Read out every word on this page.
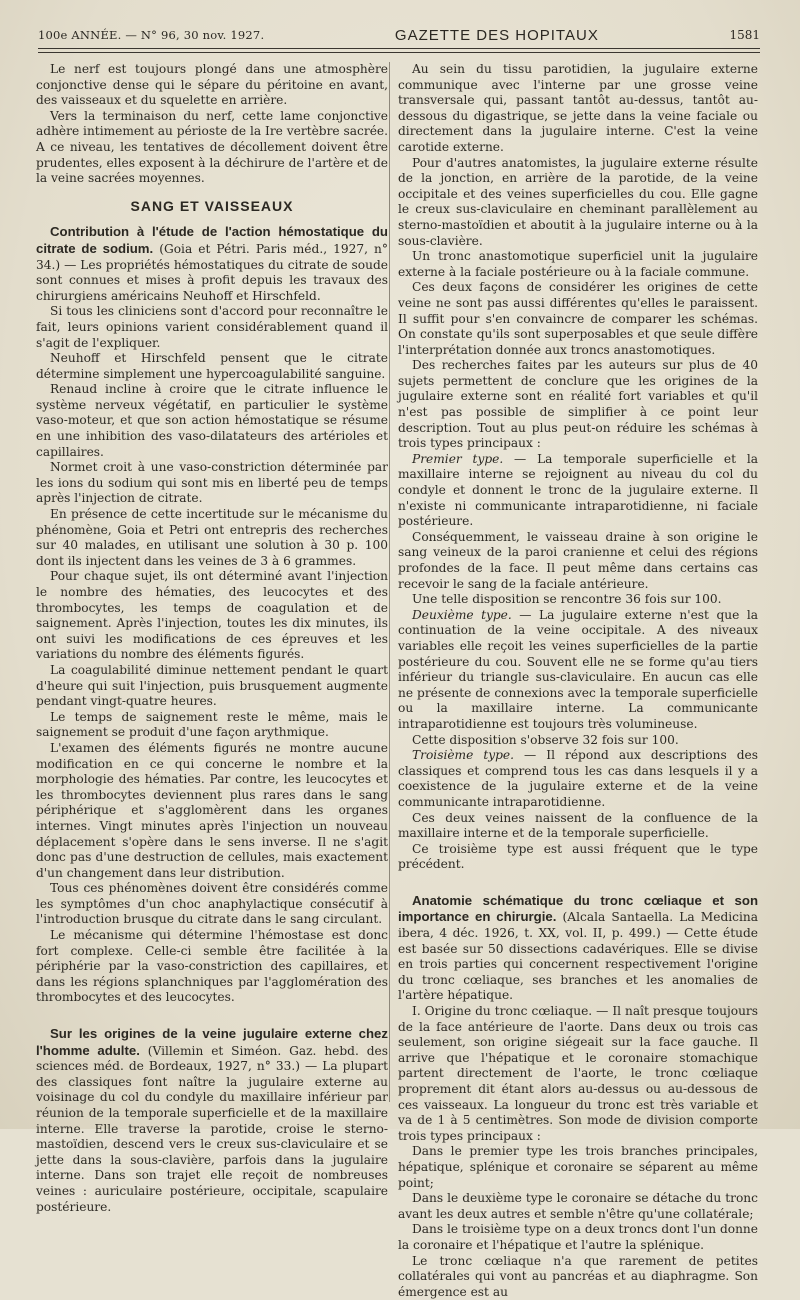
100e ANNÉE. — N° 96, 30 nov. 1927.	GAZETTE DES HOPITAUX	1581

Le nerf est toujours plongé dans une atmosphère conjonctive dense qui le sépare du péritoine en avant, des vaisseaux et du squelette en arrière.

Vers la terminaison du nerf, cette lame conjonctive adhère intimement au périoste de la Ire vertèbre sacrée. A ce niveau, les tentatives de décollement doivent être prudentes, elles exposent à la déchirure de l'artère et de la veine sacrées moyennes.

SANG ET VAISSEAUX

Contribution à l'étude de l'action hémostatique du citrate de sodium. (Goia et Pétri. Paris méd., 1927, n° 34.) — Les propriétés hémostatiques du citrate de soude sont connues et mises à profit depuis les travaux des chirurgiens américains Neuhoff et Hirschfeld.

Si tous les cliniciens sont d'accord pour reconnaître le fait, leurs opinions varient considérablement quand il s'agit de l'expliquer.

Neuhoff et Hirschfeld pensent que le citrate détermine simplement une hypercoagulabilité sanguine.

Renaud incline à croire que le citrate influence le système nerveux végétatif, en particulier le système vaso-moteur, et que son action hémostatique se résume en une inhibition des vaso-dilatateurs des artérioles et capillaires.

Normet croit à une vaso-constriction déterminée par les ions du sodium qui sont mis en liberté peu de temps après l'injection de citrate.

En présence de cette incertitude sur le mécanisme du phénomène, Goia et Petri ont entrepris des recherches sur 40 malades, en utilisant une solution à 30 p. 100 dont ils injectent dans les veines de 3 à 6 grammes.

Pour chaque sujet, ils ont déterminé avant l'injection le nombre des hématies, des leucocytes et des thrombocytes, les temps de coagulation et de saignement. Après l'injection, toutes les dix minutes, ils ont suivi les modifications de ces épreuves et les variations du nombre des éléments figurés.

La coagulabilité diminue nettement pendant le quart d'heure qui suit l'injection, puis brusquement augmente pendant vingt-quatre heures.

Le temps de saignement reste le même, mais le saignement se produit d'une façon arythmique.

L'examen des éléments figurés ne montre aucune modification en ce qui concerne le nombre et la morphologie des hématies. Par contre, les leucocytes et les thrombocytes deviennent plus rares dans le sang périphérique et s'agglomèrent dans les organes internes. Vingt minutes après l'injection un nouveau déplacement s'opère dans le sens inverse. Il ne s'agit donc pas d'une destruction de cellules, mais exactement d'un changement dans leur distribution.

Tous ces phénomènes doivent être considérés comme les symptômes d'un choc anaphylactique consécutif à l'introduction brusque du citrate dans le sang circulant.

Le mécanisme qui détermine l'hémostase est donc fort complexe. Celle-ci semble être facilitée à la périphérie par la vaso-constriction des capillaires, et dans les régions splanchniques par l'agglomération des thrombocytes et des leucocytes.

Sur les origines de la veine jugulaire externe chez l'homme adulte. (Villemin et Siméon. Gaz. hebd. des sciences méd. de Bordeaux, 1927, n° 33.) — La plupart des classiques font naître la jugulaire externe au voisinage du col du condyle du maxillaire inférieur par réunion de la temporale superficielle et de la maxillaire interne. Elle traverse la parotide, croise le sterno-mastoïdien, descend vers le creux sus-claviculaire et se jette dans la sous-clavière, parfois dans la jugulaire interne. Dans son trajet elle reçoit de nombreuses veines : auriculaire postérieure, occipitale, scapulaire postérieure.

Au sein du tissu parotidien, la jugulaire externe communique avec l'interne par une grosse veine transversale qui, passant tantôt au-dessus, tantôt au-dessous du digastrique, se jette dans la veine faciale ou directement dans la jugulaire interne. C'est la veine carotide externe.

Pour d'autres anatomistes, la jugulaire externe résulte de la jonction, en arrière de la parotide, de la veine occipitale et des veines superficielles du cou. Elle gagne le creux sus-claviculaire en cheminant parallèlement au sterno-mastoïdien et aboutit à la jugulaire interne ou à la sous-clavière.

Un tronc anastomotique superficiel unit la jugulaire externe à la faciale postérieure ou à la faciale commune.

Ces deux façons de considérer les origines de cette veine ne sont pas aussi différentes qu'elles le paraissent. Il suffit pour s'en convaincre de comparer les schémas. On constate qu'ils sont superposables et que seule diffère l'interprétation donnée aux troncs anastomotiques.

Des recherches faites par les auteurs sur plus de 40 sujets permettent de conclure que les origines de la jugulaire externe sont en réalité fort variables et qu'il n'est pas possible de simplifier à ce point leur description. Tout au plus peut-on réduire les schémas à trois types principaux :

Premier type. — La temporale superficielle et la maxillaire interne se rejoignent au niveau du col du condyle et donnent le tronc de la jugulaire externe. Il n'existe ni communicante intraparotidienne, ni faciale postérieure.

Conséquemment, le vaisseau draine à son origine le sang veineux de la paroi cranienne et celui des régions profondes de la face. Il peut même dans certains cas recevoir le sang de la faciale antérieure.

Une telle disposition se rencontre 36 fois sur 100.

Deuxième type. — La jugulaire externe n'est que la continuation de la veine occipitale. A des niveaux variables elle reçoit les veines superficielles de la partie postérieure du cou. Souvent elle ne se forme qu'au tiers inférieur du triangle sus-claviculaire. En aucun cas elle ne présente de connexions avec la temporale superficielle ou la maxillaire interne. La communicante intraparotidienne est toujours très volumineuse.

Cette disposition s'observe 32 fois sur 100.

Troisième type. — Il répond aux descriptions des classiques et comprend tous les cas dans lesquels il y a coexistence de la jugulaire externe et de la veine communicante intraparotidienne.

Ces deux veines naissent de la confluence de la maxillaire interne et de la temporale superficielle.

Ce troisième type est aussi fréquent que le type précédent.

Anatomie schématique du tronc cœliaque et son importance en chirurgie. (Alcala Santaella. La Medicina ibera, 4 déc. 1926, t. XX, vol. II, p. 499.) — Cette étude est basée sur 50 dissections cadavériques. Elle se divise en trois parties qui concernent respectivement l'origine du tronc cœliaque, ses branches et les anomalies de l'artère hépatique.

I. Origine du tronc cœliaque. — Il naît presque toujours de la face antérieure de l'aorte. Dans deux ou trois cas seulement, son origine siégeait sur la face gauche. Il arrive que l'hépatique et le coronaire stomachique partent directement de l'aorte, le tronc cœliaque proprement dit étant alors au-dessus ou au-dessous de ces vaisseaux. La longueur du tronc est très variable et va de 1 à 5 centimètres. Son mode de division comporte trois types principaux :

Dans le premier type les trois branches principales, hépatique, splénique et coronaire se séparent au même point;

Dans le deuxième type le coronaire se détache du tronc avant les deux autres et semble n'être qu'une collatérale;

Dans le troisième type on a deux troncs dont l'un donne la coronaire et l'hépatique et l'autre la splénique.

Le tronc cœliaque n'a que rarement de petites collatérales qui vont au pancréas et au diaphragme. Son émergence est au
